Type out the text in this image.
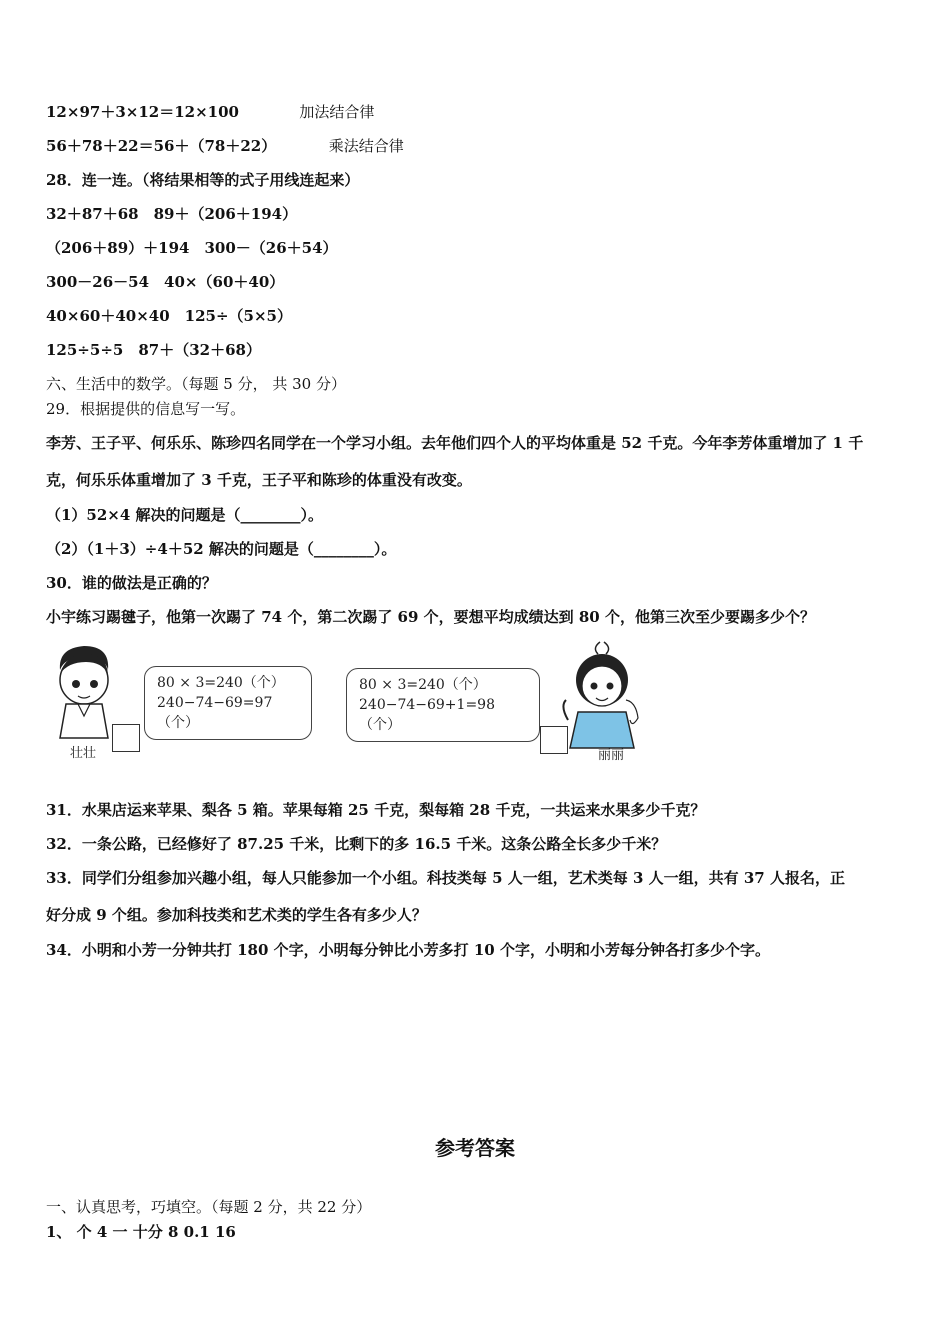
12×97＋3×12＝12×100	加法结合律
56＋78＋22＝56＋（78＋22）	乘法结合律
28．连一连。（将结果相等的式子用线连起来）
32＋87＋68　89＋（206＋194）
（206＋89）＋194　300－（26＋54）
300－26－54　40×（60＋40）
40×60＋40×40　125÷（5×5）
125÷5÷5　87＋（32＋68）
六、生活中的数学。（每题 5 分， 共 30 分）
29．根据提供的信息写一写。
李芳、王子平、何乐乐、陈珍四名同学在一个学习小组。去年他们四个人的平均体重是 52 千克。今年李芳体重增加了 1 千
克，何乐乐体重增加了 3 千克，王子平和陈珍的体重没有改变。
（1）52×4 解决的问题是（________）。
（2）（1＋3）÷4＋52 解决的问题是（________）。
30．谁的做法是正确的？
小宇练习踢毽子，他第一次踢了 74 个，第二次踢了 69 个，要想平均成绩达到 80 个，他第三次至少要踢多少个？
壮壮
80 × 3=240（个）
240−74−69=97（个）
80 × 3=240（个）
240−74−69+1=98（个）
丽丽
31．水果店运来苹果、梨各 5 箱。苹果每箱 25 千克，梨每箱 28 千克，一共运来水果多少千克？
32．一条公路，已经修好了 87.25 千米，比剩下的多 16.5 千米。这条公路全长多少千米？
33．同学们分组参加兴趣小组，每人只能参加一个小组。科技类每 5 人一组，艺术类每 3 人一组，共有 37 人报名，正
好分成 9 个组。参加科技类和艺术类的学生各有多少人？
34．小明和小芳一分钟共打 180 个字，小明每分钟比小芳多打 10 个字，小明和小芳每分钟各打多少个字。
参考答案
一、认真思考，巧填空。（每题 2 分，共 22 分）
1、 个 4 一 十分 8 0.1 16
